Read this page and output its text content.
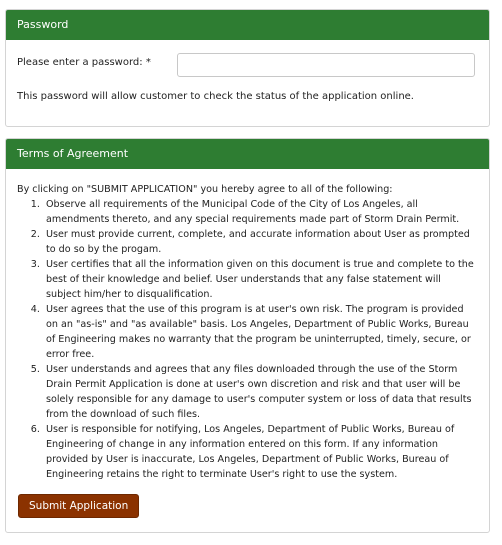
Password
Please enter a password: *
This password will allow customer to check the status of the application online.
Terms of Agreement

By clicking on "SUBMIT APPLICATION" you hereby agree to all of the following:

1. Observe all requirements of the Municipal Code of the City of Los Angeles, all amendments thereto, and any special requirements made part of Storm Drain Permit.
2. User must provide current, complete, and accurate information about User as prompted to do so by the progam.
3. User certifies that all the information given on this document is true and complete to the best of their knowledge and belief. User understands that any false statement will subject him/her to disqualification.
4. User agrees that the use of this program is at user's own risk. The program is provided on an "as-is" and "as available" basis. Los Angeles, Department of Public Works, Bureau of Engineering makes no warranty that the program be uninterrupted, timely, secure, or error free.
5. User understands and agrees that any files downloaded through the use of the Storm Drain Permit Application is done at user's own discretion and risk and that user will be solely responsible for any damage to user's computer system or loss of data that results from the download of such files.
6. User is responsible for notifying, Los Angeles, Department of Public Works, Bureau of Engineering of change in any information entered on this form. If any information provided by User is inaccurate, Los Angeles, Department of Public Works, Bureau of Engineering retains the right to terminate User's right to use the system.
Submit Application
